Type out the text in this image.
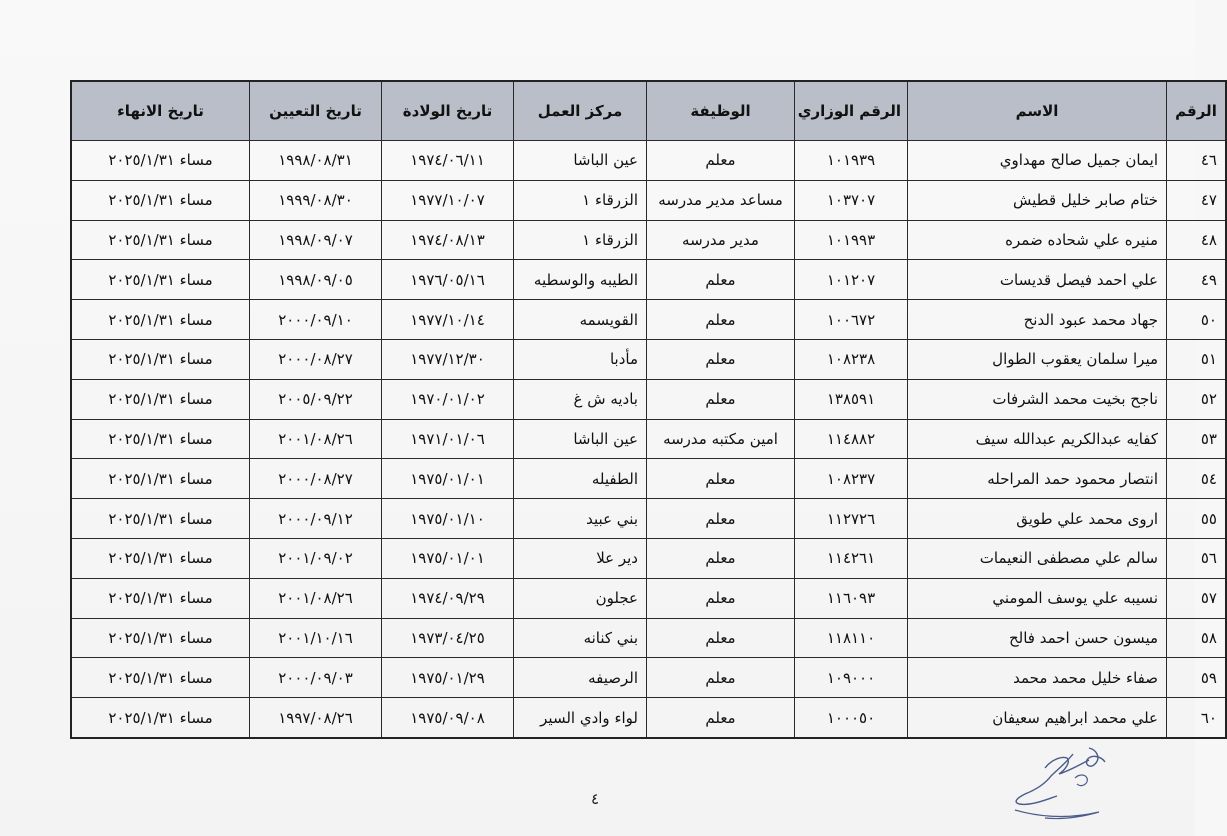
الرقم	الاسم	الرقم الوزاري	الوظيفة	مركز العمل	تاريخ الولادة	تاريخ التعيين	تاريخ الانهاء
٤٦	ايمان جميل صالح مهداوي	١٠١٩٣٩	معلم	عين الباشا	١٩٧٤/٠٦/١١	١٩٩٨/٠٨/٣١	مساء ٢٠٢٥/١/٣١
٤٧	ختام صابر خليل قطيش	١٠٣٧٠٧	مساعد مدير مدرسه	الزرقاء ١	١٩٧٧/١٠/٠٧	١٩٩٩/٠٨/٣٠	مساء ٢٠٢٥/١/٣١
٤٨	منيره علي شحاده ضمره	١٠١٩٩٣	مدير مدرسه	الزرقاء ١	١٩٧٤/٠٨/١٣	١٩٩٨/٠٩/٠٧	مساء ٢٠٢٥/١/٣١
٤٩	علي احمد فيصل قديسات	١٠١٢٠٧	معلم	الطيبه والوسطيه	١٩٧٦/٠٥/١٦	١٩٩٨/٠٩/٠٥	مساء ٢٠٢٥/١/٣١
٥٠	جهاد محمد عبود الدنح	١٠٠٦٧٢	معلم	القويسمه	١٩٧٧/١٠/١٤	٢٠٠٠/٠٩/١٠	مساء ٢٠٢٥/١/٣١
٥١	ميرا سلمان يعقوب الطوال	١٠٨٢٣٨	معلم	مأدبا	١٩٧٧/١٢/٣٠	٢٠٠٠/٠٨/٢٧	مساء ٢٠٢٥/١/٣١
٥٢	ناجح بخيت محمد الشرفات	١٣٨٥٩١	معلم	باديه ش غ	١٩٧٠/٠١/٠٢	٢٠٠٥/٠٩/٢٢	مساء ٢٠٢٥/١/٣١
٥٣	كفايه عبدالكريم عبدالله سيف	١١٤٨٨٢	امين مكتبه مدرسه	عين الباشا	١٩٧١/٠١/٠٦	٢٠٠١/٠٨/٢٦	مساء ٢٠٢٥/١/٣١
٥٤	انتصار محمود حمد المراحله	١٠٨٢٣٧	معلم	الطفيله	١٩٧٥/٠١/٠١	٢٠٠٠/٠٨/٢٧	مساء ٢٠٢٥/١/٣١
٥٥	اروى محمد علي طويق	١١٢٧٢٦	معلم	بني عبيد	١٩٧٥/٠١/١٠	٢٠٠٠/٠٩/١٢	مساء ٢٠٢٥/١/٣١
٥٦	سالم علي مصطفى النعيمات	١١٤٢٦١	معلم	دير علا	١٩٧٥/٠١/٠١	٢٠٠١/٠٩/٠٢	مساء ٢٠٢٥/١/٣١
٥٧	نسيبه علي يوسف المومني	١١٦٠٩٣	معلم	عجلون	١٩٧٤/٠٩/٢٩	٢٠٠١/٠٨/٢٦	مساء ٢٠٢٥/١/٣١
٥٨	ميسون حسن احمد فالح	١١٨١١٠	معلم	بني كنانه	١٩٧٣/٠٤/٢٥	٢٠٠١/١٠/١٦	مساء ٢٠٢٥/١/٣١
٥٩	صفاء خليل محمد محمد	١٠٩٠٠٠	معلم	الرصيفه	١٩٧٥/٠١/٢٩	٢٠٠٠/٠٩/٠٣	مساء ٢٠٢٥/١/٣١
٦٠	علي محمد ابراهيم سعيفان	١٠٠٠٥٠	معلم	لواء وادي السير	١٩٧٥/٠٩/٠٨	١٩٩٧/٠٨/٢٦	مساء ٢٠٢٥/١/٣١
٤
